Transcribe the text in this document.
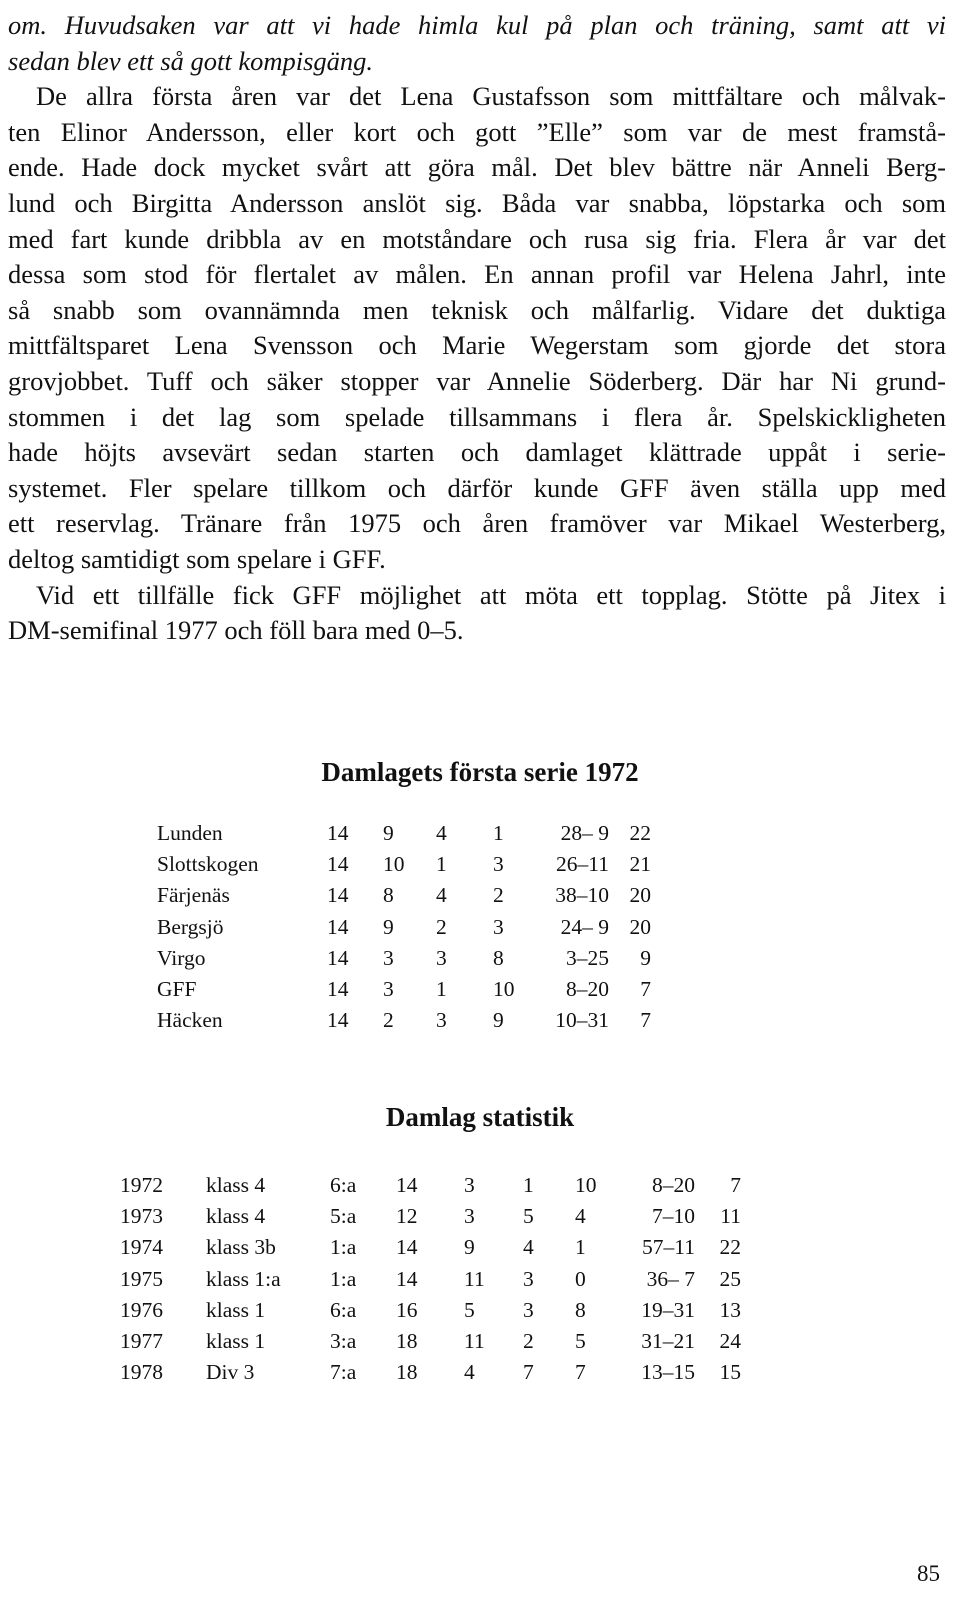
om. Huvudsaken var att vi hade himla kul på plan och träning, samt att vi
sedan blev ett så gott kompisgäng.
De allra första åren var det Lena Gustafsson som mittfältare och målvak-
ten Elinor Andersson, eller kort och gott ”Elle” som var de mest framstå-
ende. Hade dock mycket svårt att göra mål. Det blev bättre när Anneli Berg-
lund och Birgitta Andersson anslöt sig. Båda var snabba, löpstarka och som
med fart kunde dribbla av en motståndare och rusa sig fria. Flera år var det
dessa som stod för flertalet av målen. En annan profil var Helena Jahrl, inte
så snabb som ovannämnda men teknisk och målfarlig. Vidare det duktiga
mittfältsparet Lena Svensson och Marie Wegerstam som gjorde det stora
grovjobbet. Tuff och säker stopper var Annelie Söderberg. Där har Ni grund-
stommen i det lag som spelade tillsammans i flera år. Spelskickligheten
hade höjts avsevärt sedan starten och damlaget klättrade uppåt i serie-
systemet. Fler spelare tillkom och därför kunde GFF även ställa upp med
ett reservlag. Tränare från 1975 och åren framöver var Mikael Westerberg,
deltog samtidigt som spelare i GFF.
Vid ett tillfälle fick GFF möjlighet att möta ett topplag. Stötte på Jitex i
DM-semifinal 1977 och föll bara med 0–5.
Damlagets första serie 1972
Lunden	14	9	4	1	28– 9	22
Slottskogen	14	10	1	3	26–11	21
Färjenäs	14	8	4	2	38–10	20
Bergsjö	14	9	2	3	24– 9	20
Virgo	14	3	3	8	3–25	9
GFF	14	3	1	10	8–20	7
Häcken	14	2	3	9	10–31	7
Damlag statistik
1972	klass 4	6:a	14	3	1	10	8–20	7
1973	klass 4	5:a	12	3	5	4	7–10	11
1974	klass 3b	1:a	14	9	4	1	57–11	22
1975	klass 1:a	1:a	14	11	3	0	36– 7	25
1976	klass 1	6:a	16	5	3	8	19–31	13
1977	klass 1	3:a	18	11	2	5	31–21	24
1978	Div 3	7:a	18	4	7	7	13–15	15
85
